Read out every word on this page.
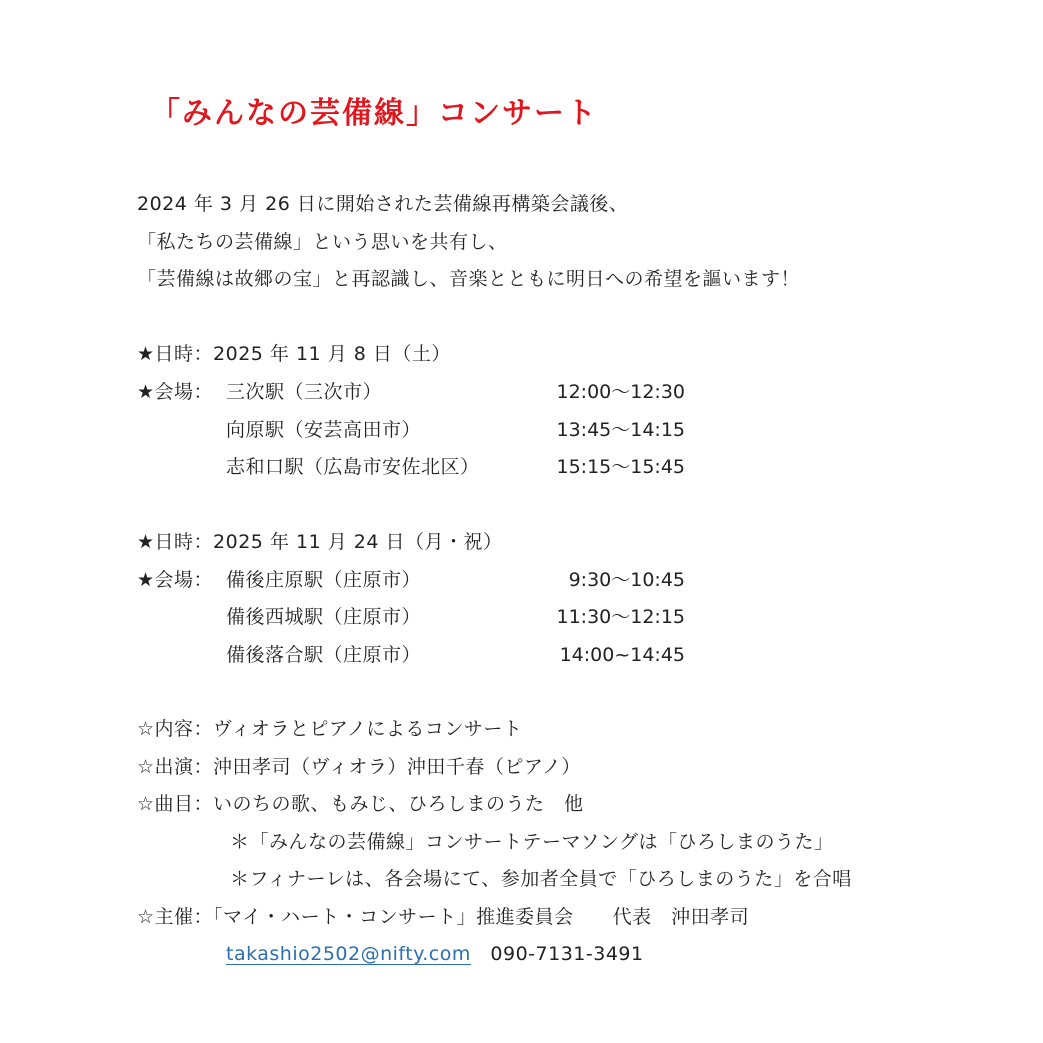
「みんなの芸備線」コンサート
2024 年 3 月 26 日に開始された芸備線再構築会議後、
「私たちの芸備線」という思いを共有し、
「芸備線は故郷の宝」と再認識し、音楽とともに明日への希望を謳います！
★日時：2025 年 11 月 8 日（土）
★会場： 三次駅（三次市）	12:00～12:30
向原駅（安芸高田市）	13:45～14:15
志和口駅（広島市安佐北区）	15:15～15:45
★日時：2025 年 11 月 24 日（月・祝）
★会場： 備後庄原駅（庄原市）	9:30～10:45
備後西城駅（庄原市）	11:30～12:15
備後落合駅（庄原市）	14:00~14:45
☆内容：ヴィオラとピアノによるコンサート
☆出演：沖田孝司（ヴィオラ）沖田千春（ピアノ）
☆曲目：いのちの歌、もみじ、ひろしまのうた　他
＊「みんなの芸備線」コンサートテーマソングは「ひろしまのうた」
＊フィナーレは、各会場にて、参加者全員で「ひろしまのうた」を合唱
☆主催：「マイ・ハート・コンサート」推進委員会　　代表　沖田孝司
takashio2502@nifty.com　 090-7131-3491
